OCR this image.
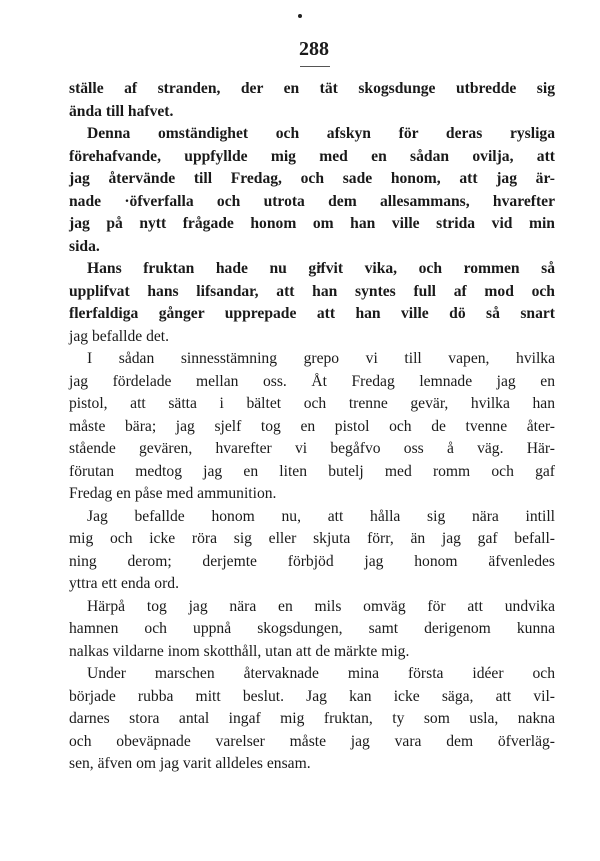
288
ställe af stranden, der en tät skogsdunge utbredde sig
ända till hafvet.
Denna omständighet och afskyn för deras rysliga
förehafvande, uppfyllde mig med en sådan ovilja, att
jag återvände till Fredag, och sade honom, att jag är-
nade ·öfverfalla och utrota dem allesammans, hvarefter
jag på nytt frågade honom om han ville strida vid min
sida.
Hans fruktan hade nu gifvit vika, och rommen så
upplifvat hans lifsandar, att han syntes full af mod och
flerfaldiga gånger upprepade att han ville dö så snart
jag befallde det.
I sådan sinnesstämning grepo vi till vapen, hvilka
jag fördelade mellan oss. Åt Fredag lemnade jag en
pistol, att sätta i bältet och trenne gevär, hvilka han
måste bära; jag sjelf tog en pistol och de tvenne åter-
stående gevären, hvarefter vi begåfvo oss å väg. Här-
förutan medtog jag en liten butelj med romm och gaf
Fredag en påse med ammunition.
Jag befallde honom nu, att hålla sig nära intill
mig och icke röra sig eller skjuta förr, än jag gaf befall-
ning derom; derjemte förbjöd jag honom äfvenledes
yttra ett enda ord.
Härpå tog jag nära en mils omväg för att undvika
hamnen och uppnå skogsdungen, samt derigenom kunna
nalkas vildarne inom skotthåll, utan att de märkte mig.
Under marschen återvaknade mina första idéer och
började rubba mitt beslut. Jag kan icke säga, att vil-
darnes stora antal ingaf mig fruktan, ty som usla, nakna
och obeväpnade varelser måste jag vara dem öfverläg-
sen, äfven om jag varit alldeles ensam.
